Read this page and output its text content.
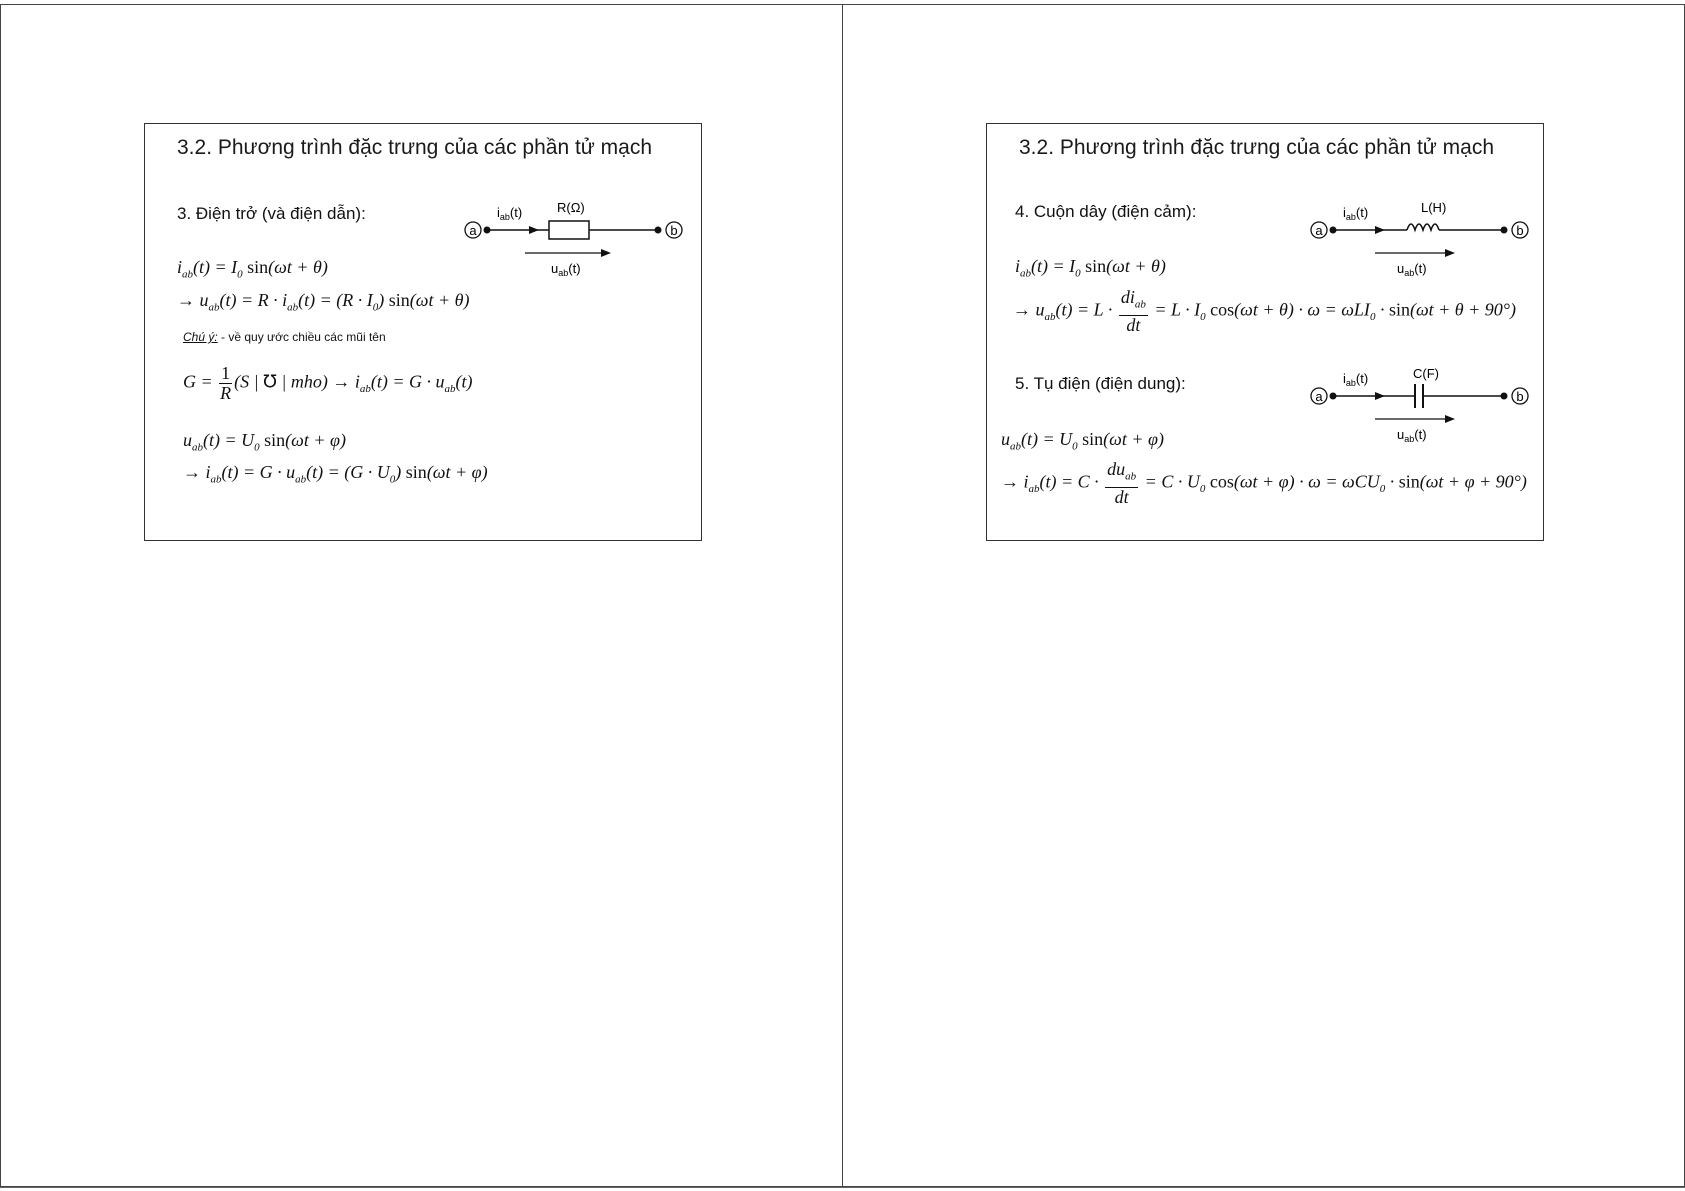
3.2. Phương trình đặc trưng của các phần tử mạch
3. Điện trở (và điện dẫn):
a	b
$i_{ab}(t)$	R(Ω)
$u_{ab}(t)$
$i_{ab}(t) = I_0$ sin(ωt + θ)
→ $u_{ab}(t) = R \cdot i_{ab}(t) = (R \cdot I_0) \sin(\omega t + \theta)$
Chú ý: - về quy ước chiều các mũi tên
$G = \frac{1}{R} (S$ | ℧ | $mho) \to i_{ab}(t) = G \cdot u_{ab}(t)$
$u_{ab}(t) = U_0$ sin(ωt + φ)
→ $i_{ab}(t) = G \cdot u_{ab}(t) = (G \cdot U_0) \sin(\omega t + \varphi)$
3.2. Phương trình đặc trưng của các phần tử mạch
4. Cuộn dây (điện cảm):
a	b
$i_{ab}(t)$	L(H)
$u_{ab}(t)$
$i_{ab}(t) = I_0$ sin(ωt + θ)
→ $u_{ab}(t) = L \cdot \frac{di_{ab}}{dt} = L \cdot I_0$ cos(ωt + θ) · ω = ωLI$_0$ · sin(ωt + θ + 90°)
5. Tụ điện (điện dung):
a	b
$i_{ab}(t)$	C(F)
$u_{ab}(t)$
$u_{ab}(t) = U_0$ sin(ωt + φ)
→ $i_{ab}(t) = C \cdot \frac{du_{ab}}{dt} = C \cdot U_0$ cos(ωt + φ) · ω = ωCU$_0$ · sin(ωt + φ + 90°)
